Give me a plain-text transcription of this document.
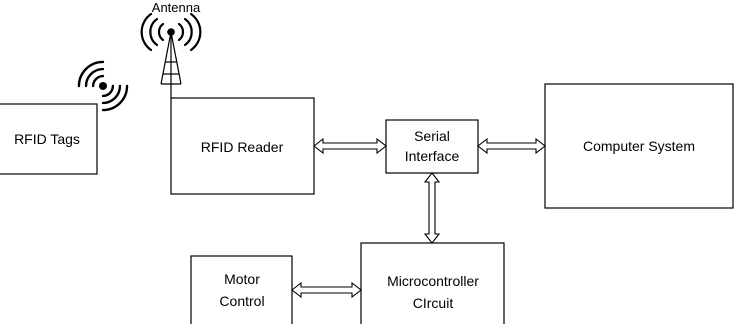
Antenna
RFID Tags	RFID Reader
Serial
Interface
Computer System
Motor
Control
Microcontroller
CIrcuit
